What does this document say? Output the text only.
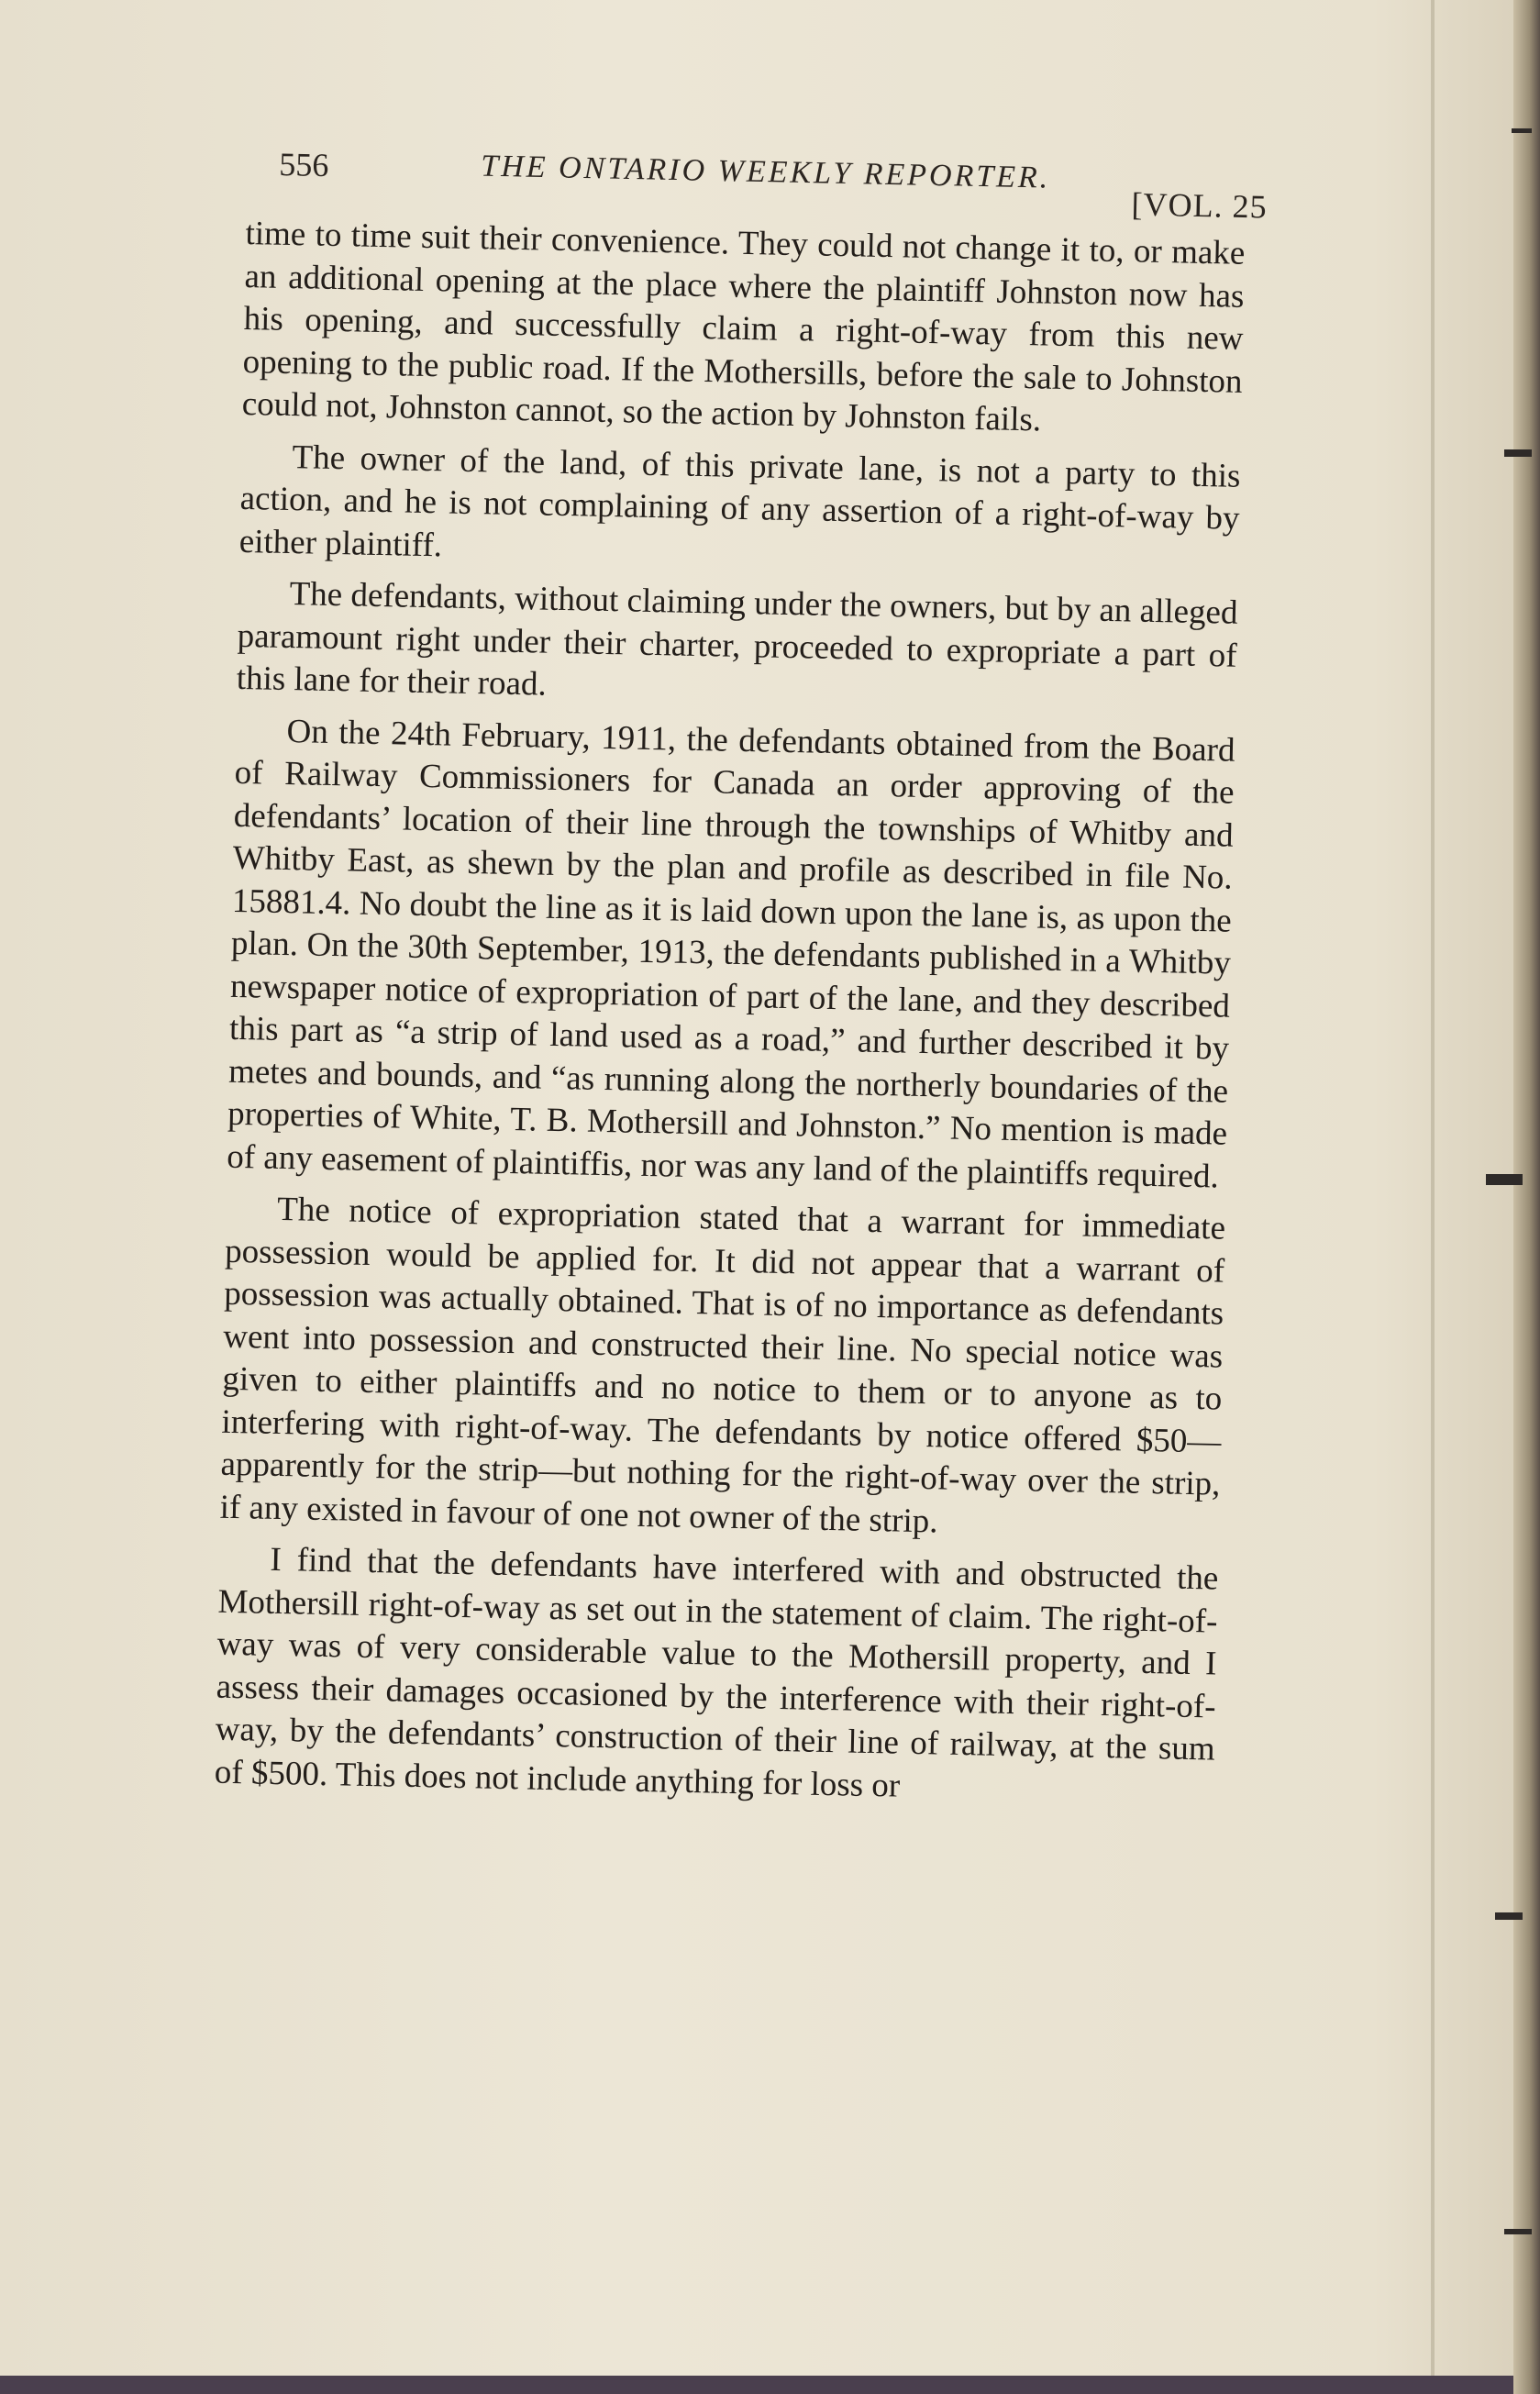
556	THE ONTARIO WEEKLY REPORTER.
[VOL. 25

time to time suit their convenience. They could not change it to, or make an additional opening at the place where the plaintiff Johnston now has his opening, and successfully claim a right-of-way from this new opening to the public road. If the Mothersills, before the sale to Johnston could not, Johnston cannot, so the action by Johnston fails.

The owner of the land, of this private lane, is not a party to this action, and he is not complaining of any assertion of a right-of-way by either plaintiff.

The defendants, without claiming under the owners, but by an alleged paramount right under their charter, proceeded to expropriate a part of this lane for their road.

On the 24th February, 1911, the defendants obtained from the Board of Railway Commissioners for Canada an order approving of the defendants’ location of their line through the townships of Whitby and Whitby East, as shewn by the plan and profile as described in file No. 15881.4. No doubt the line as it is laid down upon the lane is, as upon the plan. On the 30th September, 1913, the defendants published in a Whitby newspaper notice of expropriation of part of the lane, and they described this part as “a strip of land used as a road,” and further described it by metes and bounds, and “as running along the northerly boundaries of the properties of White, T. B. Mothersill and Johnston.” No mention is made of any easement of plaintiffis, nor was any land of the plaintiffs required.

The notice of expropriation stated that a warrant for immediate possession would be applied for. It did not appear that a warrant of possession was actually obtained. That is of no importance as defendants went into possession and constructed their line. No special notice was given to either plaintiffs and no notice to them or to anyone as to interfering with right-of-way. The defendants by notice offered $50—apparently for the strip—but nothing for the right-of-way over the strip, if any existed in favour of one not owner of the strip.

I find that the defendants have interfered with and obstructed the Mothersill right-of-way as set out in the statement of claim. The right-of-way was of very considerable value to the Mothersill property, and I assess their damages occasioned by the interference with their right-of-way, by the defendants’ construction of their line of railway, at the sum of $500. This does not include anything for loss or
